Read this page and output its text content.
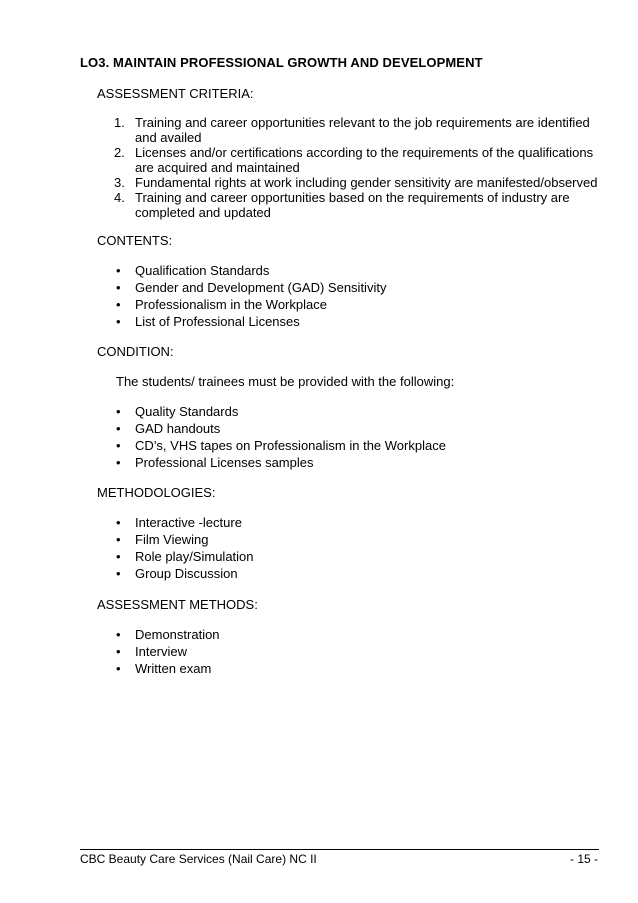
LO3. MAINTAIN PROFESSIONAL GROWTH AND DEVELOPMENT
ASSESSMENT CRITERIA:
1. Training and career opportunities relevant to the job requirements are identified and availed
2. Licenses and/or certifications according to the requirements of the qualifications are acquired and maintained
3. Fundamental rights at work including gender sensitivity are manifested/observed
4. Training and career opportunities based on the requirements of industry are completed and updated
CONTENTS:
• Qualification Standards
• Gender and Development (GAD) Sensitivity
• Professionalism in the Workplace
• List of Professional Licenses
CONDITION:
The students/ trainees must be provided with the following:
• Quality Standards
• GAD handouts
• CD’s, VHS tapes on Professionalism in the Workplace
• Professional Licenses samples
METHODOLOGIES:
• Interactive -lecture
• Film Viewing
• Role play/Simulation
• Group Discussion
ASSESSMENT METHODS:
• Demonstration
• Interview
• Written exam
CBC Beauty Care Services (Nail Care) NC II	- 15 -
